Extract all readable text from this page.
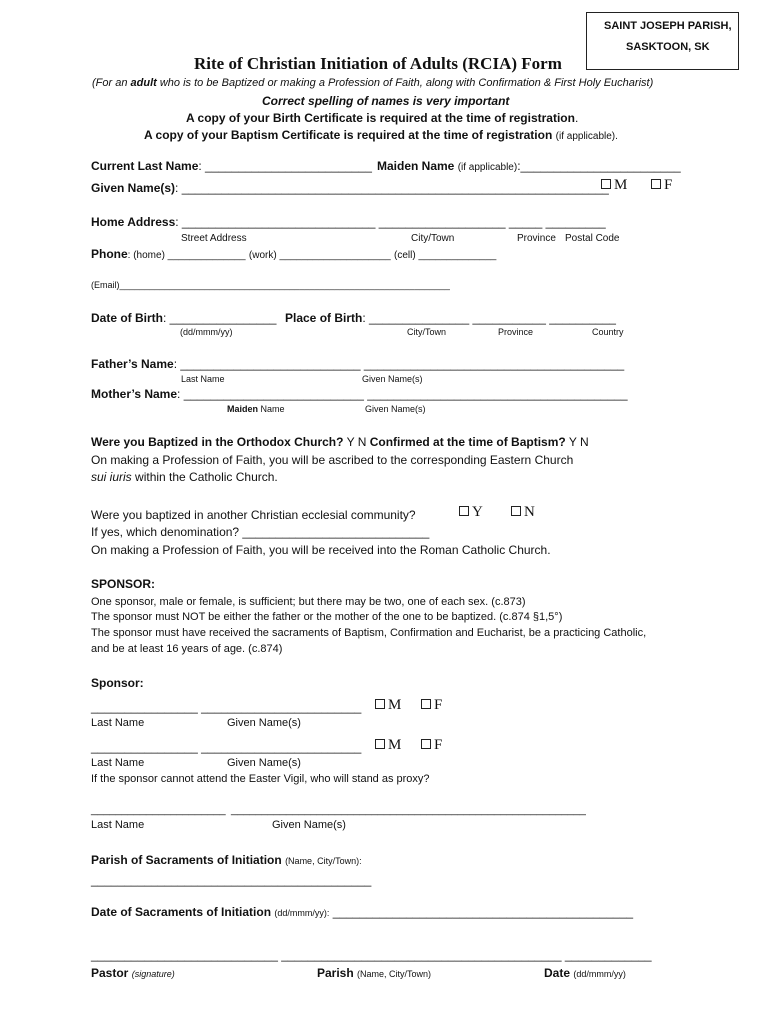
SAINT JOSEPH PARISH,
SASKTOON, SK
Rite of Christian Initiation of Adults (RCIA) Form
(For an adult who is to be Baptized or making a Profession of Faith, along with Confirmation & First Holy Eucharist)
Correct spelling of names is very important
A copy of your Birth Certificate is required at the time of registration.
A copy of your Baptism Certificate is required at the time of registration (if applicable).
Current Last Name: _________________________ Maiden Name (if applicable):________________________
Given Name(s): ________________________________________________________________ M	F
Home Address: _____________________________ ___________________ _____ _________
Street Address	City/Town	Province Postal Code
Phone: (home) ______________ (work) ____________________ (cell) ______________
(Email)__________________________________________________________________
Date of Birth: ________________
(dd/mmm/yy)
Place of Birth: _______________ ___________ __________
City/Town	Province	Country
Father’s Name: ___________________________ _______________________________________
Last Name	Given Name(s)
Mother’s Name: ___________________________ _______________________________________
Maiden Name	Given Name(s)
Were you Baptized in the Orthodox Church? Y N Confirmed at the time of Baptism? Y N
On making a Profession of Faith, you will be ascribed to the corresponding Eastern Church
sui iuris within the Catholic Church.
Were you baptized in another Christian ecclesial community?	Y	N
If yes, which denomination? ____________________________
On making a Profession of Faith, you will be received into the Roman Catholic Church.
SPONSOR:
One sponsor, male or female, is sufficient; but there may be two, one of each sex. (c.873)
The sponsor must NOT be either the father or the mother of the one to be baptized. (c.874 §1,5°)
The sponsor must have received the sacraments of Baptism, Confirmation and Eucharist, be a practicing Catholic,
and be at least 16 years of age. (c.874)
Sponsor:
________________ ________________________	M	F
Last Name	Given Name(s)
________________ ________________________	M	F
Last Name	Given Name(s)
If the sponsor cannot attend the Easter Vigil, who will stand as proxy?
______________________ __________________________________________________________
Last Name	Given Name(s)
Parish of Sacraments of Initiation (Name, City/Town):
__________________________________________
Date of Sacraments of Initiation (dd/mmm/yy): _____________________________________________
____________________________ __________________________________________ _____________
Pastor (signature)	Parish (Name, City/Town)	Date (dd/mmm/yy)
